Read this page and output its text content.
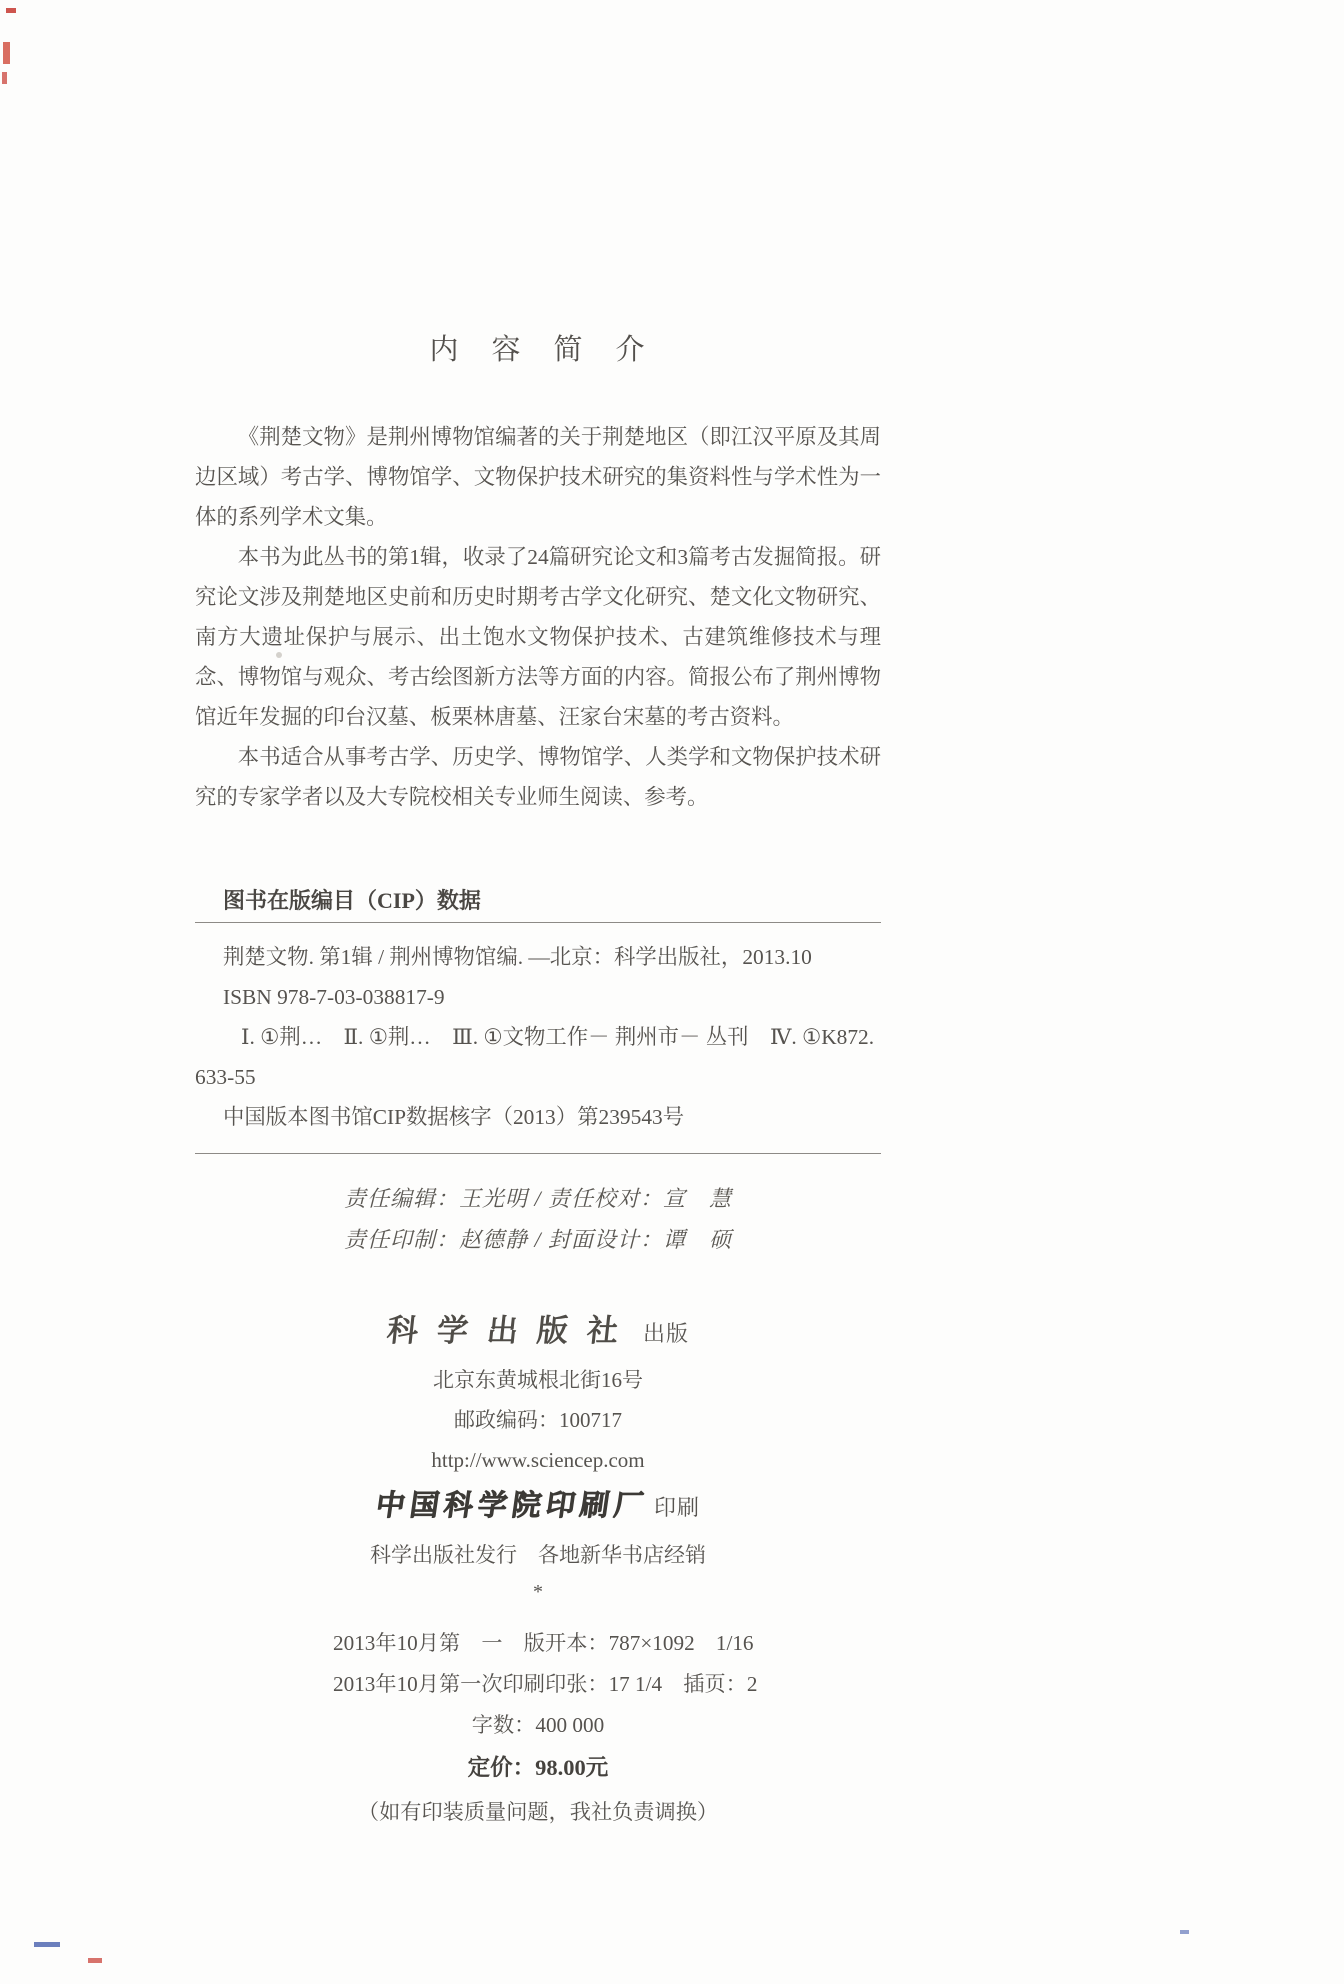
内　容　简　介

《荆楚文物》是荆州博物馆编著的关于荆楚地区（即江汉平原及其周边区域）考古学、博物馆学、文物保护技术研究的集资料性与学术性为一体的系列学术文集。

本书为此丛书的第1辑，收录了24篇研究论文和3篇考古发掘简报。研究论文涉及荆楚地区史前和历史时期考古学文化研究、楚文化文物研究、南方大遗址保护与展示、出土饱水文物保护技术、古建筑维修技术与理念、博物馆与观众、考古绘图新方法等方面的内容。简报公布了荆州博物馆近年发掘的印台汉墓、板栗林唐墓、汪家台宋墓的考古资料。

本书适合从事考古学、历史学、博物馆学、人类学和文物保护技术研究的专家学者以及大专院校相关专业师生阅读、参考。

图书在版编目（CIP）数据
荆楚文物. 第1辑 / 荆州博物馆编. —北京：科学出版社，2013.10
ISBN 978-7-03-038817-9
Ⅰ. ①荆…　Ⅱ. ①荆…　Ⅲ. ①文物工作－ 荆州市－ 丛刊　Ⅳ. ①K872.
633-55
中国版本图书馆CIP数据核字（2013）第239543号
责任编辑：王光明 / 责任校对：宣　慧
责任印制：赵德静 / 封面设计：谭　硕
科学出版社 出版
北京东黄城根北街16号
邮政编码：100717
http://www.sciencep.com
中国科学院印刷厂 印刷
科学出版社发行　各地新华书店经销
*
2013年10月第　一　版 开本：787×1092　1/16
2013年10月第一次印刷 印张：17 1/4　插页：2
字数：400 000
定价：98.00元
（如有印装质量问题，我社负责调换）
